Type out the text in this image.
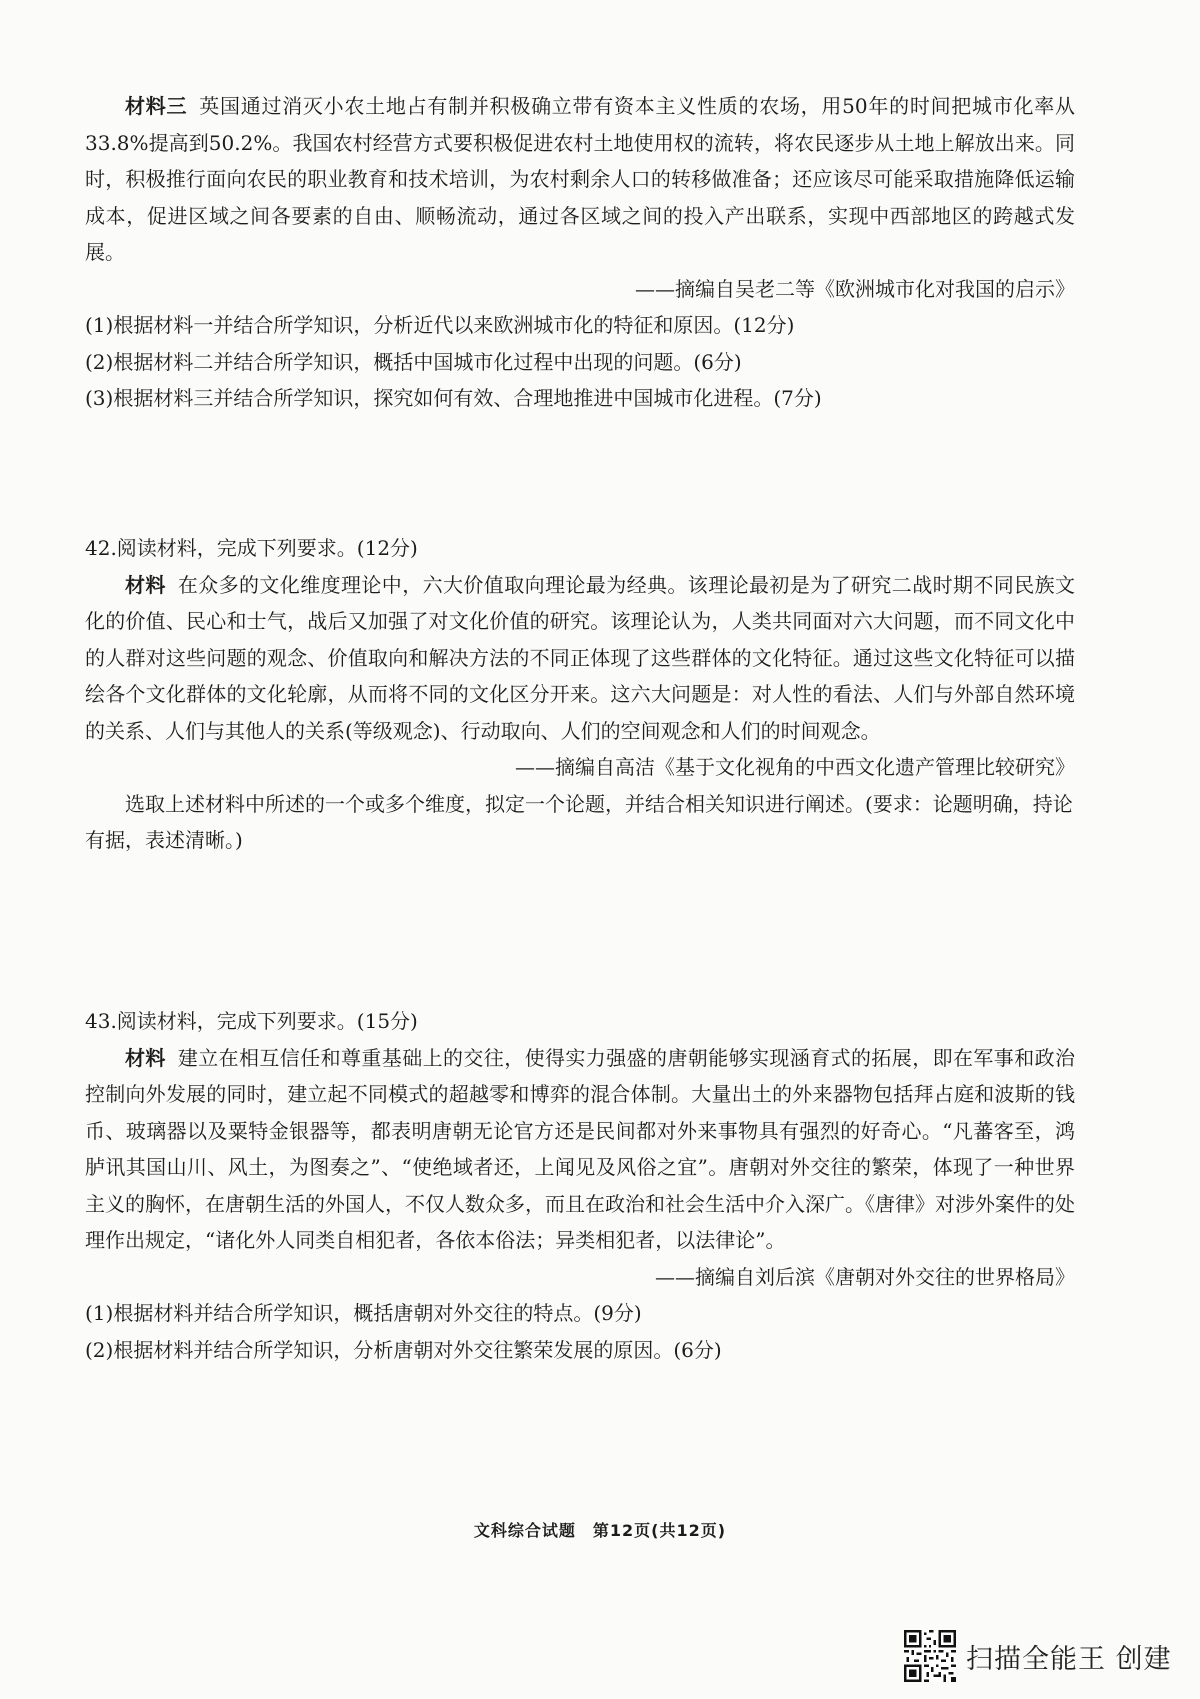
材料三 英国通过消灭小农土地占有制并积极确立带有资本主义性质的农场，用50年的时间把城市化率从33.8%提高到50.2%。我国农村经营方式要积极促进农村土地使用权的流转，将农民逐步从土地上解放出来。同时，积极推行面向农民的职业教育和技术培训，为农村剩余人口的转移做准备；还应该尽可能采取措施降低运输成本，促进区域之间各要素的自由、顺畅流动，通过各区域之间的投入产出联系，实现中西部地区的跨越式发展。

——摘编自吴老二等《欧洲城市化对我国的启示》

(1)根据材料一并结合所学知识，分析近代以来欧洲城市化的特征和原因。(12分)

(2)根据材料二并结合所学知识，概括中国城市化过程中出现的问题。(6分)

(3)根据材料三并结合所学知识，探究如何有效、合理地推进中国城市化进程。(7分)

42.阅读材料，完成下列要求。(12分)

材料 在众多的文化维度理论中，六大价值取向理论最为经典。该理论最初是为了研究二战时期不同民族文化的价值、民心和士气，战后又加强了对文化价值的研究。该理论认为，人类共同面对六大问题，而不同文化中的人群对这些问题的观念、价值取向和解决方法的不同正体现了这些群体的文化特征。通过这些文化特征可以描绘各个文化群体的文化轮廓，从而将不同的文化区分开来。这六大问题是：对人性的看法、人们与外部自然环境的关系、人们与其他人的关系(等级观念)、行动取向、人们的空间观念和人们的时间观念。

——摘编自高洁《基于文化视角的中西文化遗产管理比较研究》

选取上述材料中所述的一个或多个维度，拟定一个论题，并结合相关知识进行阐述。(要求：论题明确，持论有据，表述清晰。)

43.阅读材料，完成下列要求。(15分)

材料 建立在相互信任和尊重基础上的交往，使得实力强盛的唐朝能够实现涵育式的拓展，即在军事和政治控制向外发展的同时，建立起不同模式的超越零和博弈的混合体制。大量出土的外来器物包括拜占庭和波斯的钱币、玻璃器以及粟特金银器等，都表明唐朝无论官方还是民间都对外来事物具有强烈的好奇心。“凡蕃客至，鸿胪讯其国山川、风土，为图奏之”、“使绝域者还，上闻见及风俗之宜”。唐朝对外交往的繁荣，体现了一种世界主义的胸怀，在唐朝生活的外国人，不仅人数众多，而且在政治和社会生活中介入深广。《唐律》对涉外案件的处理作出规定，“诸化外人同类自相犯者，各依本俗法；异类相犯者，以法律论”。

——摘编自刘后滨《唐朝对外交往的世界格局》

(1)根据材料并结合所学知识，概括唐朝对外交往的特点。(9分)

(2)根据材料并结合所学知识，分析唐朝对外交往繁荣发展的原因。(6分)

文科综合试题　第12页(共12页)
扫描全能王 创建
